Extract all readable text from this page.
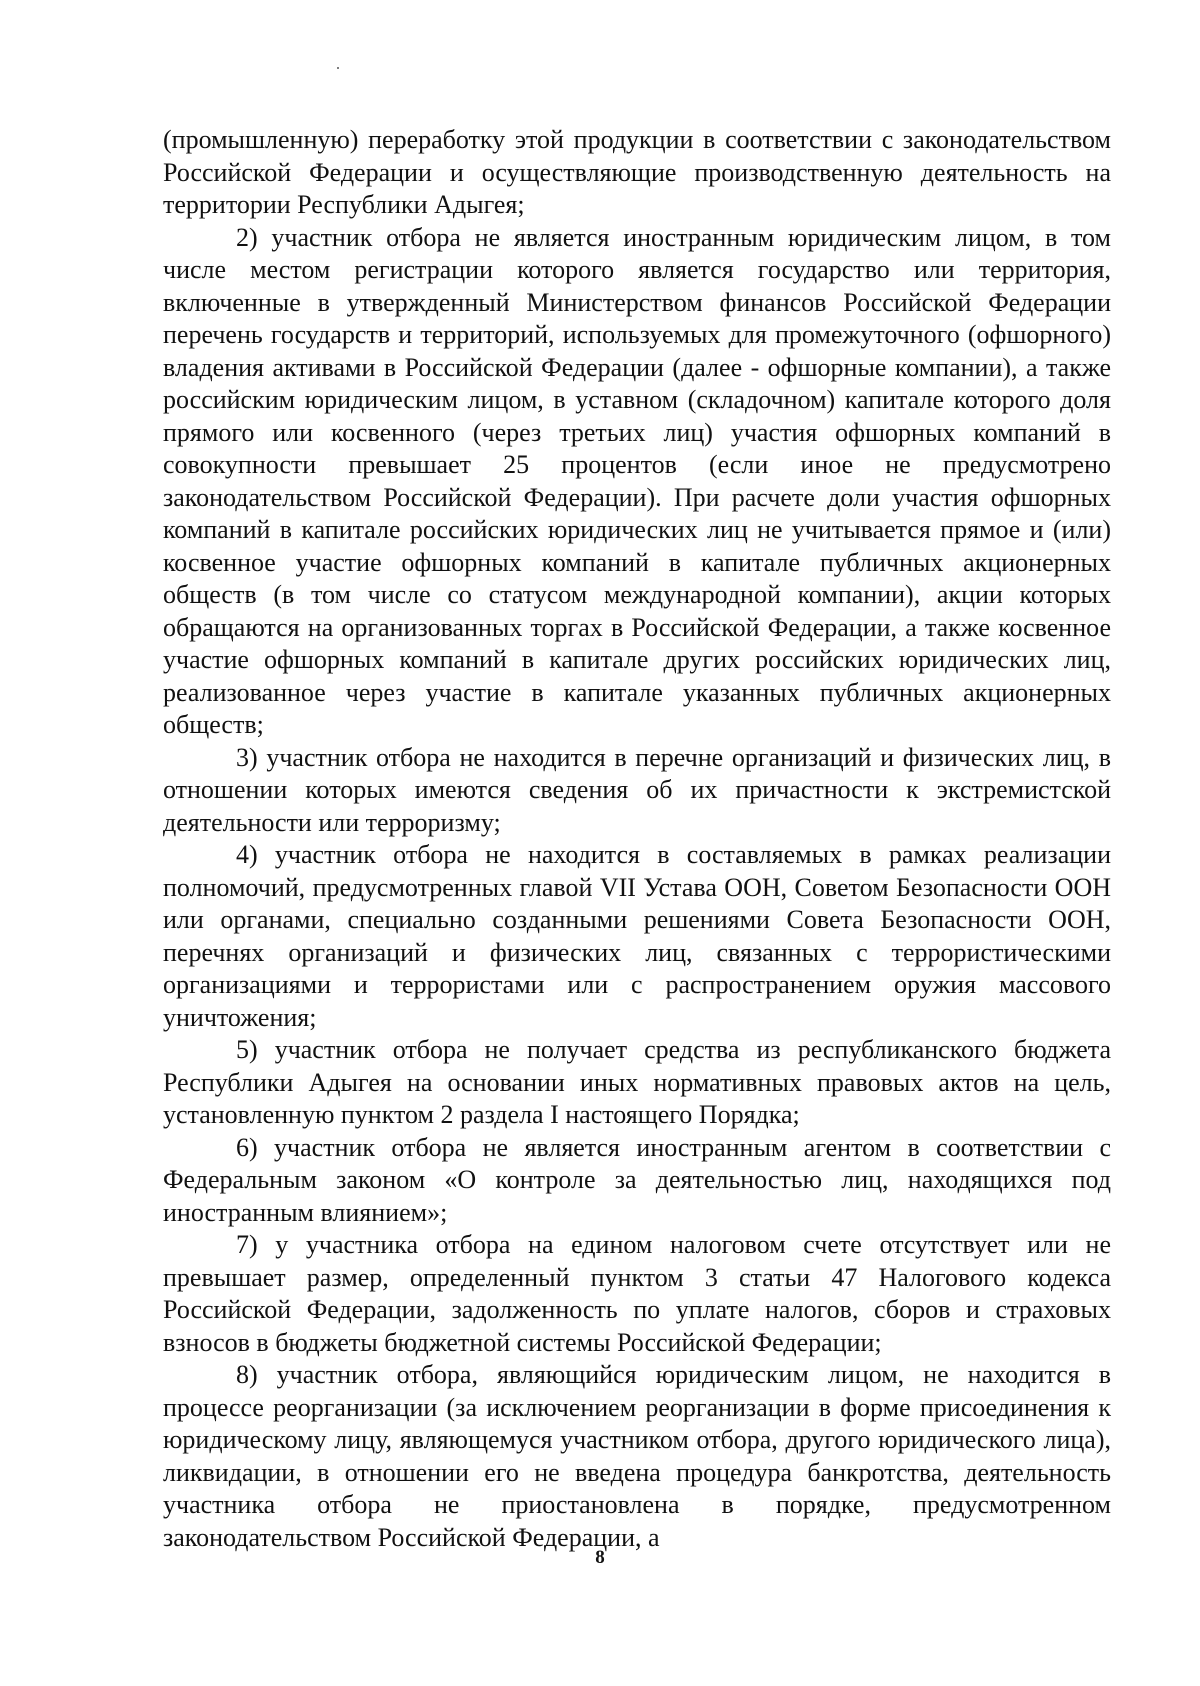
(промышленную) переработку этой продукции в соответствии с законодательством Российской Федерации и осуществляющие производственную деятельность на территории Республики Адыгея;

2) участник отбора не является иностранным юридическим лицом, в том числе местом регистрации которого является государство или территория, включенные в утвержденный Министерством финансов Российской Федерации перечень государств и территорий, используемых для промежуточного (офшорного) владения активами в Российской Федерации (далее - офшорные компании), а также российским юридическим лицом, в уставном (складочном) капитале которого доля прямого или косвенного (через третьих лиц) участия офшорных компаний в совокупности превышает 25 процентов (если иное не предусмотрено законодательством Российской Федерации). При расчете доли участия офшорных компаний в капитале российских юридических лиц не учитывается прямое и (или) косвенное участие офшорных компаний в капитале публичных акционерных обществ (в том числе со статусом международной компании), акции которых обращаются на организованных торгах в Российской Федерации, а также косвенное участие офшорных компаний в капитале других российских юридических лиц, реализованное через участие в капитале указанных публичных акционерных обществ;

3) участник отбора не находится в перечне организаций и физических лиц, в отношении которых имеются сведения об их причастности к экстремистской деятельности или терроризму;

4) участник отбора не находится в составляемых в рамках реализации полномочий, предусмотренных главой VII Устава ООН, Советом Безопасности ООН или органами, специально созданными решениями Совета Безопасности ООН, перечнях организаций и физических лиц, связанных с террористическими организациями и террористами или с распространением оружия массового уничтожения;

5) участник отбора не получает средства из республиканского бюджета Республики Адыгея на основании иных нормативных правовых актов на цель, установленную пунктом 2 раздела I настоящего Порядка;

6) участник отбора не является иностранным агентом в соответствии с Федеральным законом «О контроле за деятельностью лиц, находящихся под иностранным влиянием»;

7) у участника отбора на едином налоговом счете отсутствует или не превышает размер, определенный пунктом 3 статьи 47 Налогового кодекса Российской Федерации, задолженность по уплате налогов, сборов и страховых взносов в бюджеты бюджетной системы Российской Федерации;

8) участник отбора, являющийся юридическим лицом, не находится в процессе реорганизации (за исключением реорганизации в форме присоединения к юридическому лицу, являющемуся участником отбора, другого юридического лица), ликвидации, в отношении его не введена процедура банкротства, деятельность участника отбора не приостановлена в порядке, предусмотренном законодательством Российской Федерации, а

8
